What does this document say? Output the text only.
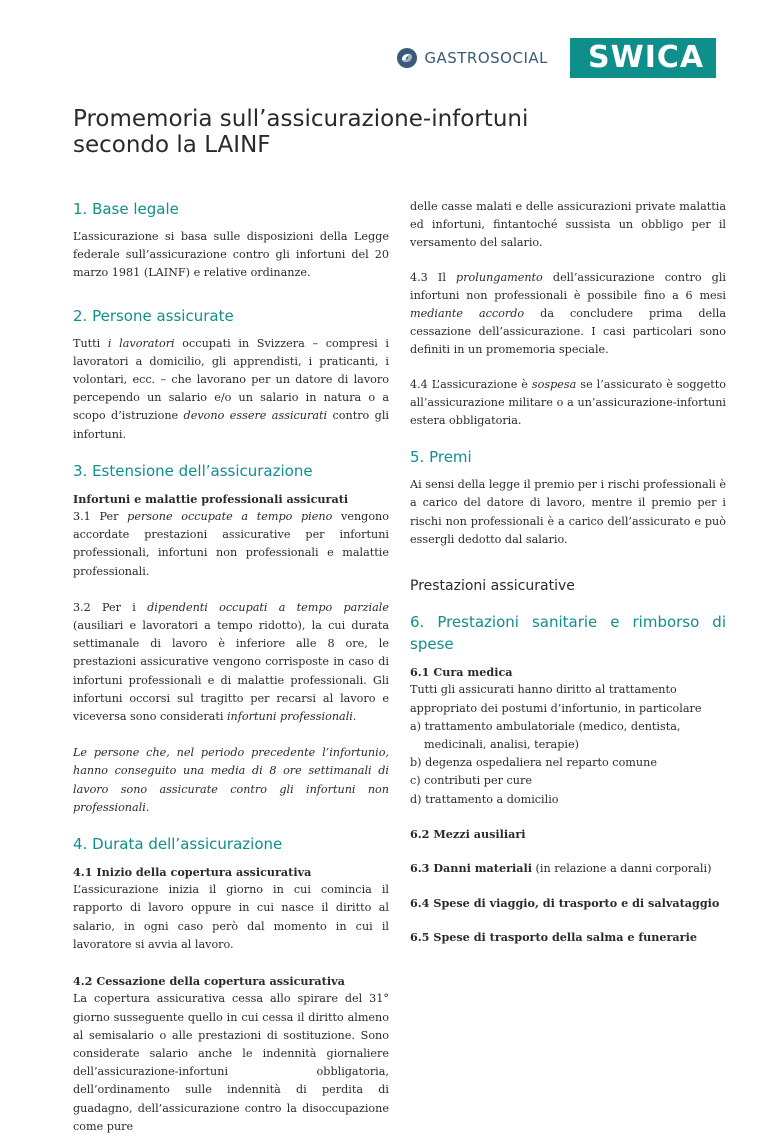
GASTROSOCIAL	SWICA
Promemoria sull’assicurazione-infortuni
secondo la LAINF
1. Base legale

L’assicurazione si basa sulle disposizioni della Legge federale sull’assicurazione contro gli infortuni del 20 marzo 1981 (LAINF) e relative ordinanze.

2. Persone assicurate

Tutti i lavoratori occupati in Svizzera – compresi i lavoratori a domicilio, gli apprendisti, i praticanti, i volontari, ecc. – che lavorano per un datore di lavoro percependo un salario e/o un salario in natura o a scopo d’istruzione devono essere assicurati contro gli infortuni.

3. Estensione dell’assicurazione

Infortuni e malattie professionali assicurati

3.1 Per persone occupate a tempo pieno vengono accordate prestazioni assicurative per infortuni professionali, infortuni non professionali e malattie professionali.

3.2 Per i dipendenti occupati a tempo parziale (ausiliari e lavoratori a tempo ridotto), la cui durata settimanale di lavoro è inferiore alle 8 ore, le prestazioni assicurative vengono corrisposte in caso di infortuni professionali e di malattie professionali. Gli infortuni occorsi sul tragitto per recarsi al lavoro e viceversa sono considerati infortuni professionali.

Le persone che, nel periodo precedente l’infortunio, hanno conseguito una media di 8 ore settimanali di lavoro sono assicurate contro gli infortuni non professionali.

4. Durata dell’assicurazione

4.1 Inizio della copertura assicurativa

L’assicurazione inizia il giorno in cui comincia il rapporto di lavoro oppure in cui nasce il diritto al salario, in ogni caso però dal momento in cui il lavoratore si avvia al lavoro.

4.2 Cessazione della copertura assicurativa

La copertura assicurativa cessa allo spirare del 31° giorno susseguente quello in cui cessa il diritto almeno al semisalario o alle prestazioni di sostituzione. Sono considerate salario anche le indennità giornaliere dell’assicurazione-infortuni obbligatoria, dell’ordinamento sulle indennità di perdita di guadagno, dell’assicurazione contro la disoccupazione come pure

delle casse malati e delle assicurazioni private malattia ed infortuni, fintantoché sussista un obbligo per il versamento del salario.

4.3 Il prolungamento dell’assicurazione contro gli infortuni non professionali è possibile fino a 6 mesi mediante accordo da concludere prima della cessazione dell’assicurazione. I casi particolari sono definiti in un promemoria speciale.

4.4 L’assicurazione è sospesa se l’assicurato è soggetto all’assicurazione militare o a un’assicurazione-infortuni estera obbligatoria.

5. Premi

Ai sensi della legge il premio per i rischi professionali è a carico del datore di lavoro, mentre il premio per i rischi non professionali è a carico dell’assicurato e può essergli dedotto dal salario.

Prestazioni assicurative
6. Prestazioni sanitarie e rimborso di spese

6.1 Cura medica

Tutti gli assicurati hanno diritto al trattamento appropriato dei postumi d’infortunio, in particolare

a) trattamento ambulatoriale (medico, dentista, medicinali, analisi, terapie)

b) degenza ospedaliera nel reparto comune

c) contributi per cure

d) trattamento a domicilio

6.2 Mezzi ausiliari

6.3 Danni materiali (in relazione a danni corporali)

6.4 Spese di viaggio, di trasporto e di salvataggio

6.5 Spese di trasporto della salma e funerarie
